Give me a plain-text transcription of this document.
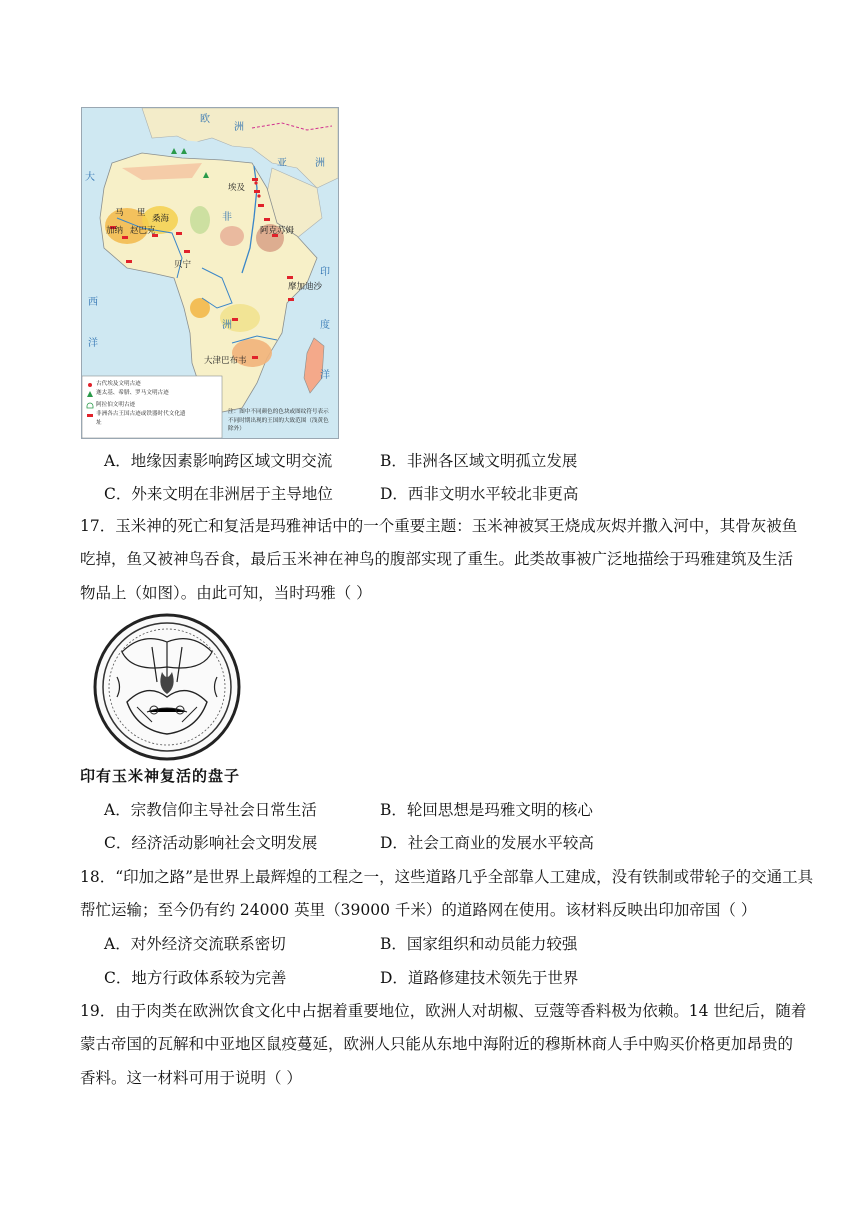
欧
洲
亚	洲
大
西
洋
印
度
洋
非
洲
埃及
马 里
桑海
加纳 赵巴克	阿克苏姆
贝宁
摩加迪沙
大津巴布韦
古代埃及文明古迹
迦太基、希腊、罗马文明古迹
阿拉伯文明古迹
非洲各古王国古迹或铁器时代文化遗址
注：图中不同颜色的色块或图纹符号表示不同时期出现的王国的大致范围（浅黄色除外）
A．地缘因素影响跨区域文明交流	B．非洲各区域文明孤立发展
C．外来文明在非洲居于主导地位	D．西非文明水平较北非更高
17．玉米神的死亡和复活是玛雅神话中的一个重要主题：玉米神被冥王烧成灰烬并撒入河中，其骨灰被鱼
吃掉，鱼又被神鸟吞食，最后玉米神在神鸟的腹部实现了重生。此类故事被广泛地描绘于玛雅建筑及生活
物品上（如图）。由此可知，当时玛雅（ ）
印有玉米神复活的盘子
A．宗教信仰主导社会日常生活	B．轮回思想是玛雅文明的核心
C．经济活动影响社会文明发展	D．社会工商业的发展水平较高
18．“印加之路”是世界上最辉煌的工程之一，这些道路几乎全部靠人工建成，没有铁制或带轮子的交通工具
帮忙运输；至今仍有约 24000 英里（39000 千米）的道路网在使用。该材料反映出印加帝国（ ）
A．对外经济交流联系密切	B．国家组织和动员能力较强
C．地方行政体系较为完善	D．道路修建技术领先于世界
19．由于肉类在欧洲饮食文化中占据着重要地位，欧洲人对胡椒、豆蔻等香料极为依赖。14 世纪后，随着
蒙古帝国的瓦解和中亚地区鼠疫蔓延，欧洲人只能从东地中海附近的穆斯林商人手中购买价格更加昂贵的
香料。这一材料可用于说明（ ）
